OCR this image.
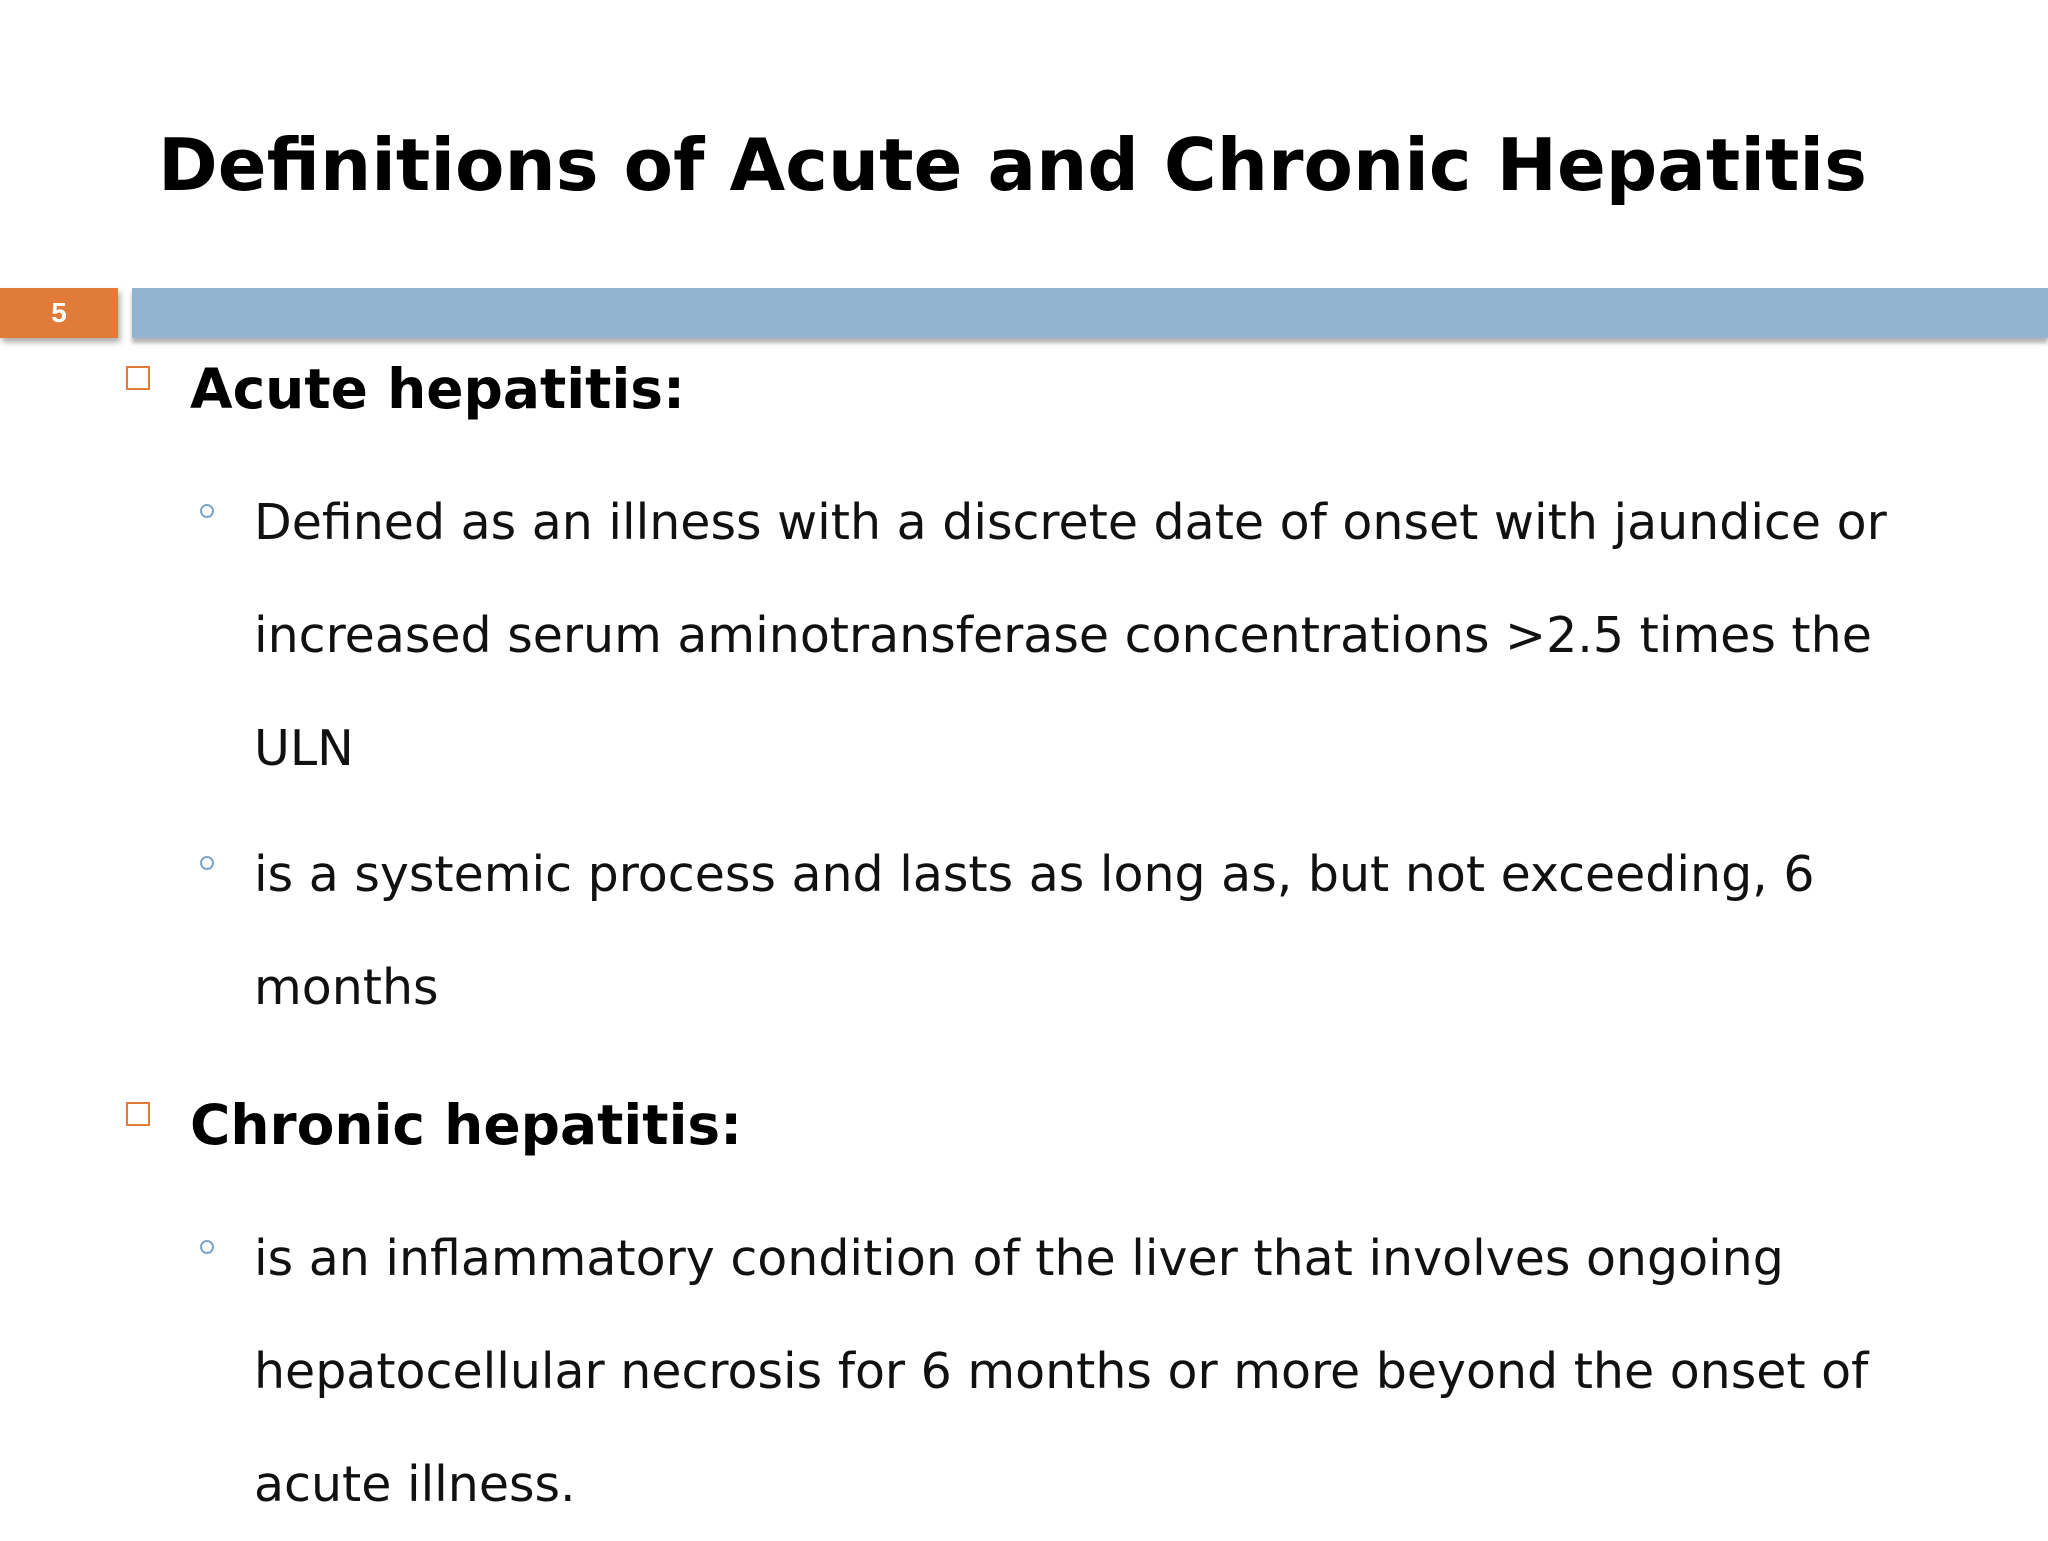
Definitions of Acute and Chronic Hepatitis
5
Acute hepatitis:
Defined as an illness with a discrete date of onset with jaundice or increased serum aminotransferase concentrations >2.5 times the ULN
is a systemic process and lasts as long as, but not exceeding, 6 months
Chronic hepatitis:
is an inflammatory condition of the liver that involves ongoing hepatocellular necrosis for 6 months or more beyond the onset of acute illness.
